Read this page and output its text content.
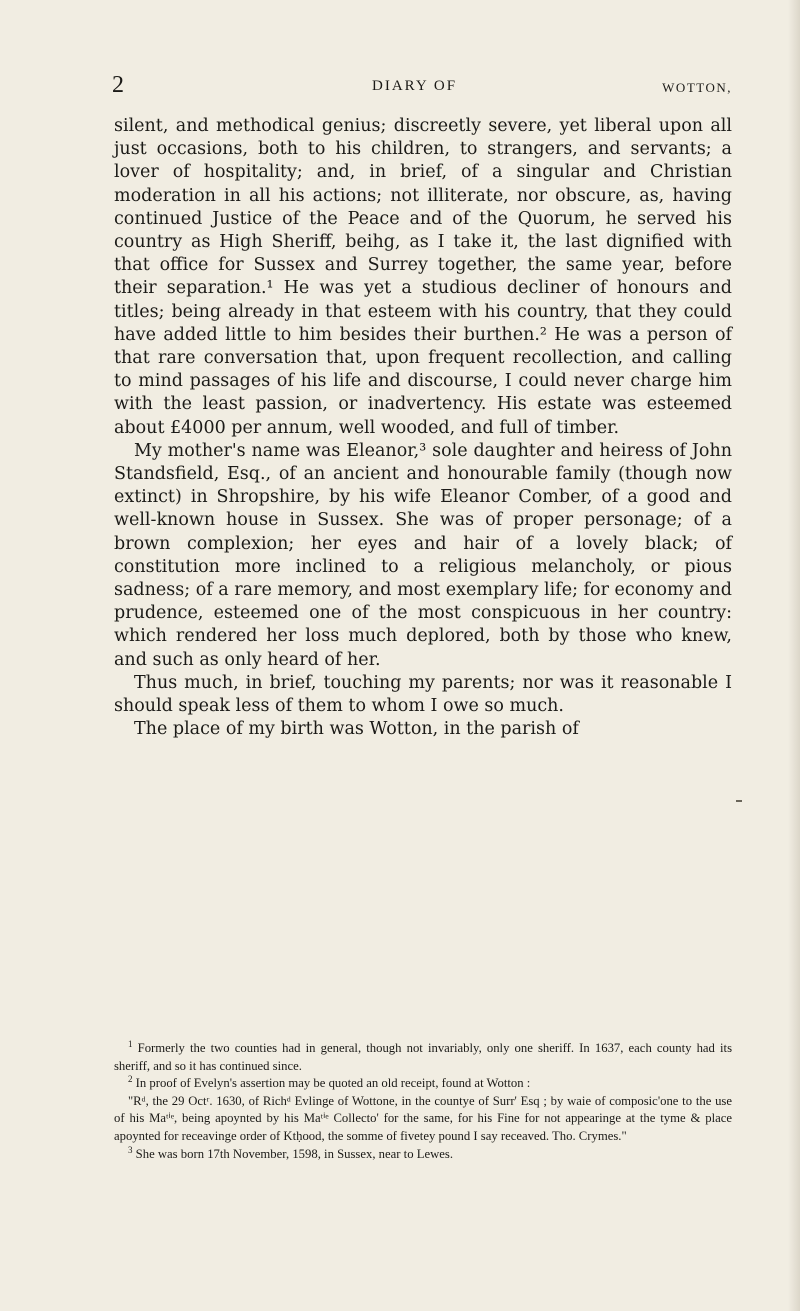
2	DIARY OF	WOTTON,

silent, and methodical genius; discreetly severe, yet liberal upon all just occasions, both to his children, to strangers, and servants; a lover of hospitality; and, in brief, of a singular and Christian moderation in all his actions; not illiterate, nor obscure, as, having continued Justice of the Peace and of the Quorum, he served his country as High Sheriff, beihg, as I take it, the last dignified with that office for Sussex and Surrey together, the same year, before their separation.¹ He was yet a studious decliner of honours and titles; being already in that esteem with his country, that they could have added little to him besides their burthen.² He was a person of that rare conversation that, upon frequent recollection, and calling to mind passages of his life and discourse, I could never charge him with the least passion, or inadvertency. His estate was esteemed about £4000 per annum, well wooded, and full of timber.

My mother's name was Eleanor,³ sole daughter and heiress of John Standsfield, Esq., of an ancient and honourable family (though now extinct) in Shropshire, by his wife Eleanor Comber, of a good and well-known house in Sussex. She was of proper personage; of a brown complexion; her eyes and hair of a lovely black; of constitution more inclined to a religious melancholy, or pious sadness; of a rare memory, and most exemplary life; for economy and prudence, esteemed one of the most conspicuous in her country: which rendered her loss much deplored, both by those who knew, and such as only heard of her.

Thus much, in brief, touching my parents; nor was it reasonable I should speak less of them to whom I owe so much.

The place of my birth was Wotton, in the parish of

$^1$ Formerly the two counties had in general, though not invariably, only one sheriff. In 1637, each county had its sheriff, and so it has continued since.

$^2$ In proof of Evelyn's assertion may be quoted an old receipt, found at Wotton :

"Rᵈ, the 29 Octʳ. 1630, of Richᵈ Evlinge of Wottone, in the countye of Surr' Esq ; by waie of composic'one to the use of his Maᵗⁱᵉ, being apoynted by his Maᵗⁱᵉ Collecto' for the same, for his Fine for not appearinge at the tyme & place apoynted for receavinge order of Ktḥood, the somme of fivetey pound I say receaved. Tho. Crymes."

$^3$ She was born 17th November, 1598, in Sussex, near to Lewes.
